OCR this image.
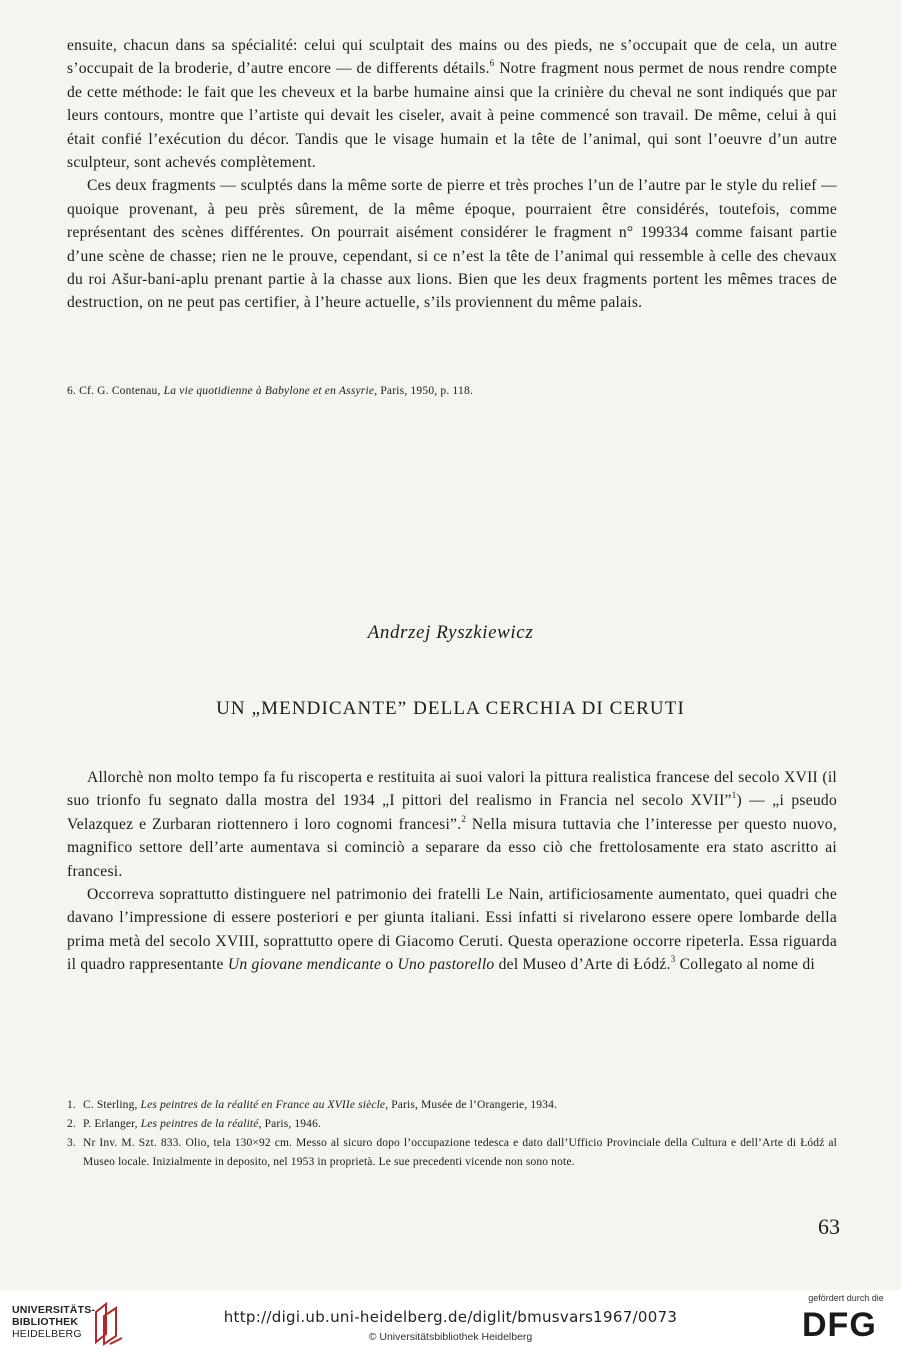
ensuite, chacun dans sa spécialité: celui qui sculptait des mains ou des pieds, ne s’occupait que de cela, un autre s’occupait de la broderie, d’autre encore — de differents détails.$^6$ Notre fragment nous permet de nous rendre compte de cette méthode: le fait que les cheveux et la barbe humaine ainsi que la crinière du cheval ne sont indiqués que par leurs contours, montre que l’artiste qui devait les ciseler, avait à peine commencé son travail. De même, celui à qui était confié l’exécution du décor. Tandis que le visage humain et la tête de l’animal, qui sont l’oeuvre d’un autre sculpteur, sont achevés complètement.

Ces deux fragments — sculptés dans la même sorte de pierre et très proches l’un de l’autre par le style du relief — quoique provenant, à peu près sûrement, de la même époque, pourraient être considérés, toutefois, comme représentant des scènes différentes. On pourrait aisément considérer le fragment n° 199334 comme faisant partie d’une scène de chasse; rien ne le prouve, cependant, si ce n’est la tête de l’animal qui ressemble à celle des chevaux du roi Ašur-bani-aplu prenant partie à la chasse aux lions. Bien que les deux fragments portent les mêmes traces de destruction, on ne peut pas certifier, à l’heure actuelle, s’ils proviennent du même palais.

6. Cf. G. Contenau, La vie quotidienne à Babylone et en Assyrie, Paris, 1950, p. 118.
Andrzej Ryszkiewicz
UN „MENDICANTE” DELLA CERCHIA DI CERUTI

Allorchè non molto tempo fa fu riscoperta e restituita ai suoi valori la pittura realistica francese del secolo XVII (il suo trionfo fu segnato dalla mostra del 1934 „I pittori del realismo in Francia nel secolo XVII”$^1$) — „i pseudo Velazquez e Zurbaran riottennero i loro cognomi francesi”.$^2$ Nella misura tuttavia che l’interesse per questo nuovo, magnifico settore dell’arte aumentava si cominciò a separare da esso ciò che frettolosamente era stato ascritto ai francesi.

Occorreva soprattutto distinguere nel patrimonio dei fratelli Le Nain, artificiosamente aumentato, quei quadri che davano l’impressione di essere posteriori e per giunta italiani. Essi infatti si rivelarono essere opere lombarde della prima metà del secolo XVIII, soprattutto opere di Giacomo Ceruti. Questa operazione occorre ripeterla. Essa riguarda il quadro rappresentante Un giovane mendicante o Uno pastorello del Museo d’Arte di Łódź.$^3$ Collegato al nome di

1. C. Sterling, Les peintres de la réalité en France au XVIIe siècle, Paris, Musée de l’Orangerie, 1934.
2. P. Erlanger, Les peintres de la réalité, Paris, 1946.
3. Nr Inv. M. Szt. 833. Olio, tela 130×92 cm. Messo al sicuro dopo l’occupazione tedesca e dato dall’Ufficio Provinciale della Cultura e dell’Arte di Łódź al Museo locale. Inizialmente in deposito, nel 1953 in proprietà. Le sue precedenti vicende non sono note.
63
UNIVERSITÄTS-
BIBLIOTHEK
HEIDELBERG
http://digi.ub.uni-heidelberg.de/diglit/bmusvars1967/0073
© Universitätsbibliothek Heidelberg
gefördert durch die
DFG
